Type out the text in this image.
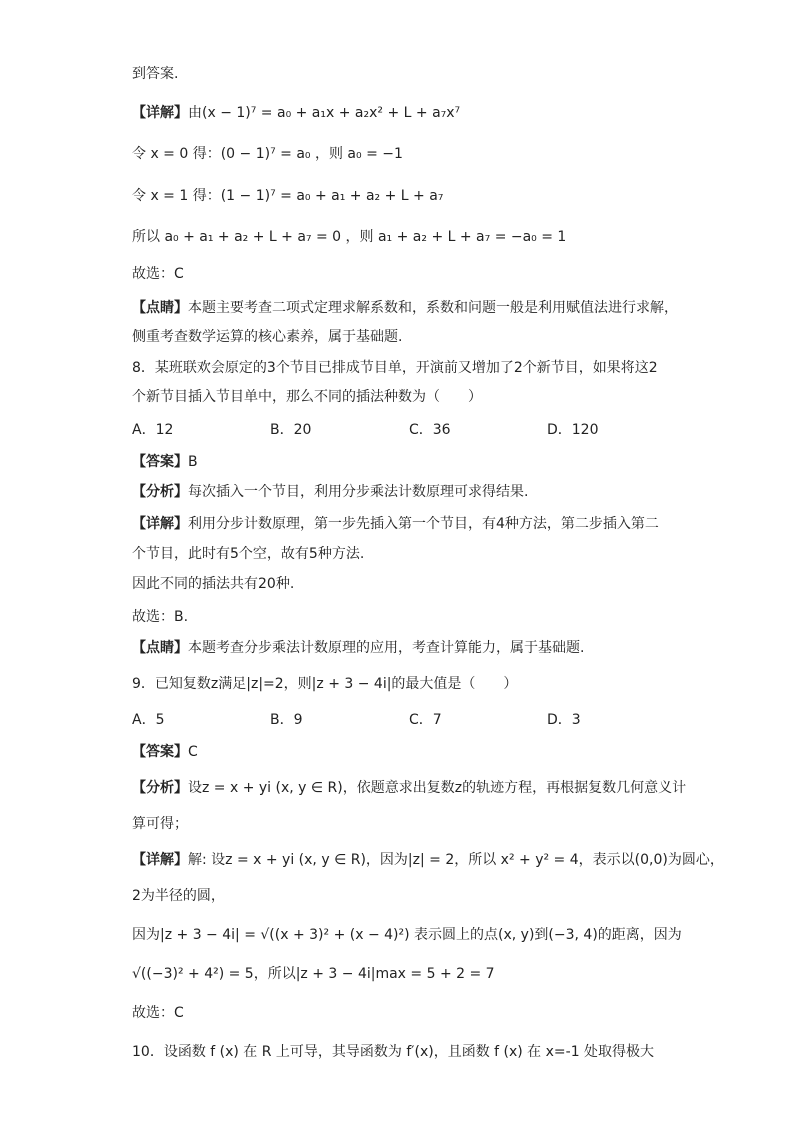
到答案.
【详解】由(x − 1)⁷ = a₀ + a₁x + a₂x² + L + a₇x⁷
令 x = 0 得：(0 − 1)⁷ = a₀ ，则 a₀ = −1
令 x = 1 得：(1 − 1)⁷ = a₀ + a₁ + a₂ + L + a₇
所以 a₀ + a₁ + a₂ + L + a₇ = 0 ，则 a₁ + a₂ + L + a₇ = −a₀ = 1
故选：C
【点睛】本题主要考查二项式定理求解系数和，系数和问题一般是利用赋值法进行求解，
侧重考查数学运算的核心素养，属于基础题.
8．某班联欢会原定的3个节目已排成节目单，开演前又增加了2个新节目，如果将这2
个新节目插入节目单中，那么不同的插法种数为（　　）
A．12	B．20	C．36	D．120
【答案】B
【分析】每次插入一个节目，利用分步乘法计数原理可求得结果.
【详解】利用分步计数原理，第一步先插入第一个节目，有4种方法，第二步插入第二
个节目，此时有5个空，故有5种方法.
因此不同的插法共有20种.
故选：B.
【点睛】本题考查分步乘法计数原理的应用，考查计算能力，属于基础题.
9．已知复数z满足|z|=2，则|z + 3 − 4i|的最大值是（　　）
A．5	B．9	C．7	D．3
【答案】C
【分析】设z = x + yi (x, y ∈ R)，依题意求出复数z的轨迹方程，再根据复数几何意义计
算可得；
【详解】解: 设z = x + yi (x, y ∈ R)，因为|z| = 2，所以 x² + y² = 4，表示以(0,0)为圆心，
2为半径的圆，
因为|z + 3 − 4i| = √((x + 3)² + (x − 4)²) 表示圆上的点(x, y)到(−3, 4)的距离，因为
√((−3)² + 4²) = 5，所以|z + 3 − 4i|max = 5 + 2 = 7
故选：C
10．设函数 f (x) 在 R 上可导，其导函数为 f′(x)，且函数 f (x) 在 x=-1 处取得极大
